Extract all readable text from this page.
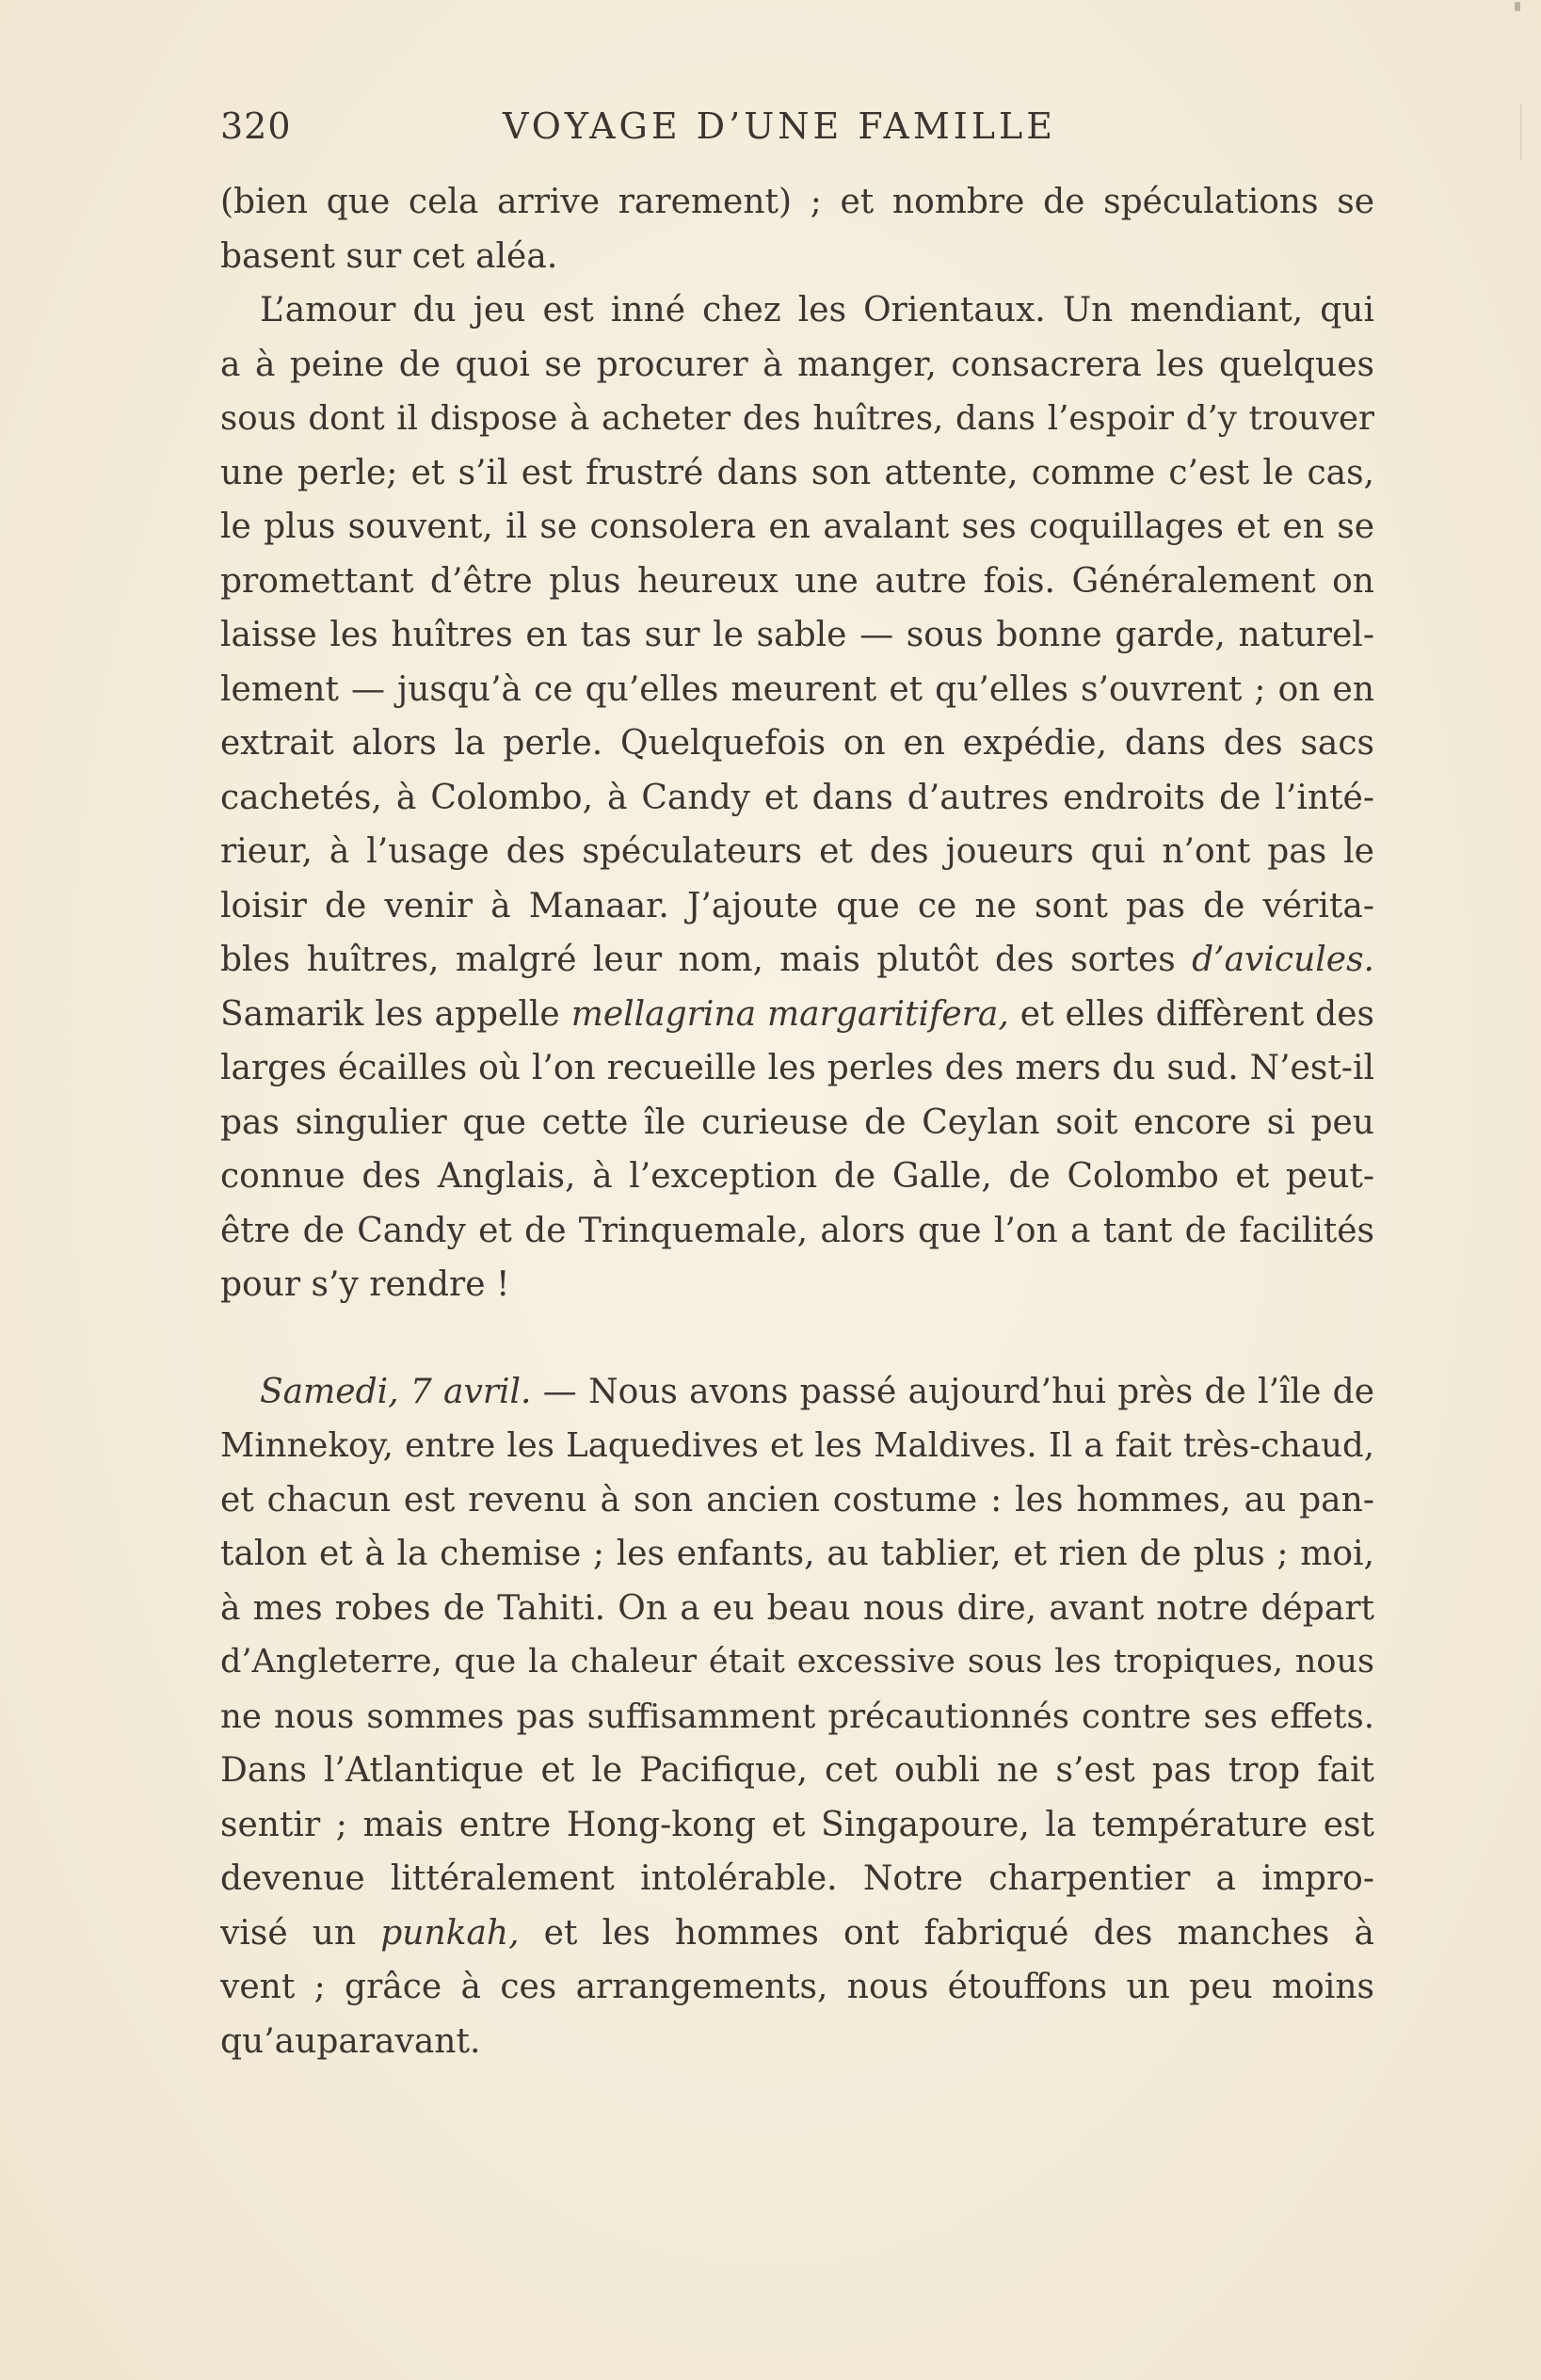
320	VOYAGE D’UNE FAMILLE
(bien que cela arrive rarement) ; et nombre de spéculations se
basent sur cet aléa.
L’amour du jeu est inné chez les Orientaux. Un mendiant, qui
a à peine de quoi se procurer à manger, consacrera les quelques
sous dont il dispose à acheter des huîtres, dans l’espoir d’y trouver
une perle; et s’il est frustré dans son attente, comme c’est le cas,
le plus souvent, il se consolera en avalant ses coquillages et en se
promettant d’être plus heureux une autre fois. Généralement on
laisse les huîtres en tas sur le sable — sous bonne garde, naturel-
lement — jusqu’à ce qu’elles meurent et qu’elles s’ouvrent ; on en
extrait alors la perle. Quelquefois on en expédie, dans des sacs
cachetés, à Colombo, à Candy et dans d’autres endroits de l’inté-
rieur, à l’usage des spéculateurs et des joueurs qui n’ont pas le
loisir de venir à Manaar. J’ajoute que ce ne sont pas de vérita-
bles huîtres, malgré leur nom, mais plutôt des sortes d’avicules.
Samarik les appelle mellagrina margaritifera, et elles diffèrent des
larges écailles où l’on recueille les perles des mers du sud. N’est-il
pas singulier que cette île curieuse de Ceylan soit encore si peu
connue des Anglais, à l’exception de Galle, de Colombo et peut-
être de Candy et de Trinquemale, alors que l’on a tant de facilités
pour s’y rendre !
Samedi, 7 avril. — Nous avons passé aujourd’hui près de l’île de
Minnekoy, entre les Laquedives et les Maldives. Il a fait très-chaud,
et chacun est revenu à son ancien costume : les hommes, au pan-
talon et à la chemise ; les enfants, au tablier, et rien de plus ; moi,
à mes robes de Tahiti. On a eu beau nous dire, avant notre départ
d’Angleterre, que la chaleur était excessive sous les tropiques, nous
ne nous sommes pas suffisamment précautionnés contre ses effets.
Dans l’Atlantique et le Pacifique, cet oubli ne s’est pas trop fait
sentir ; mais entre Hong-kong et Singapoure, la température est
devenue littéralement intolérable. Notre charpentier a impro-
visé un punkah, et les hommes ont fabriqué des manches à
vent ; grâce à ces arrangements, nous étouffons un peu moins
qu’auparavant.
